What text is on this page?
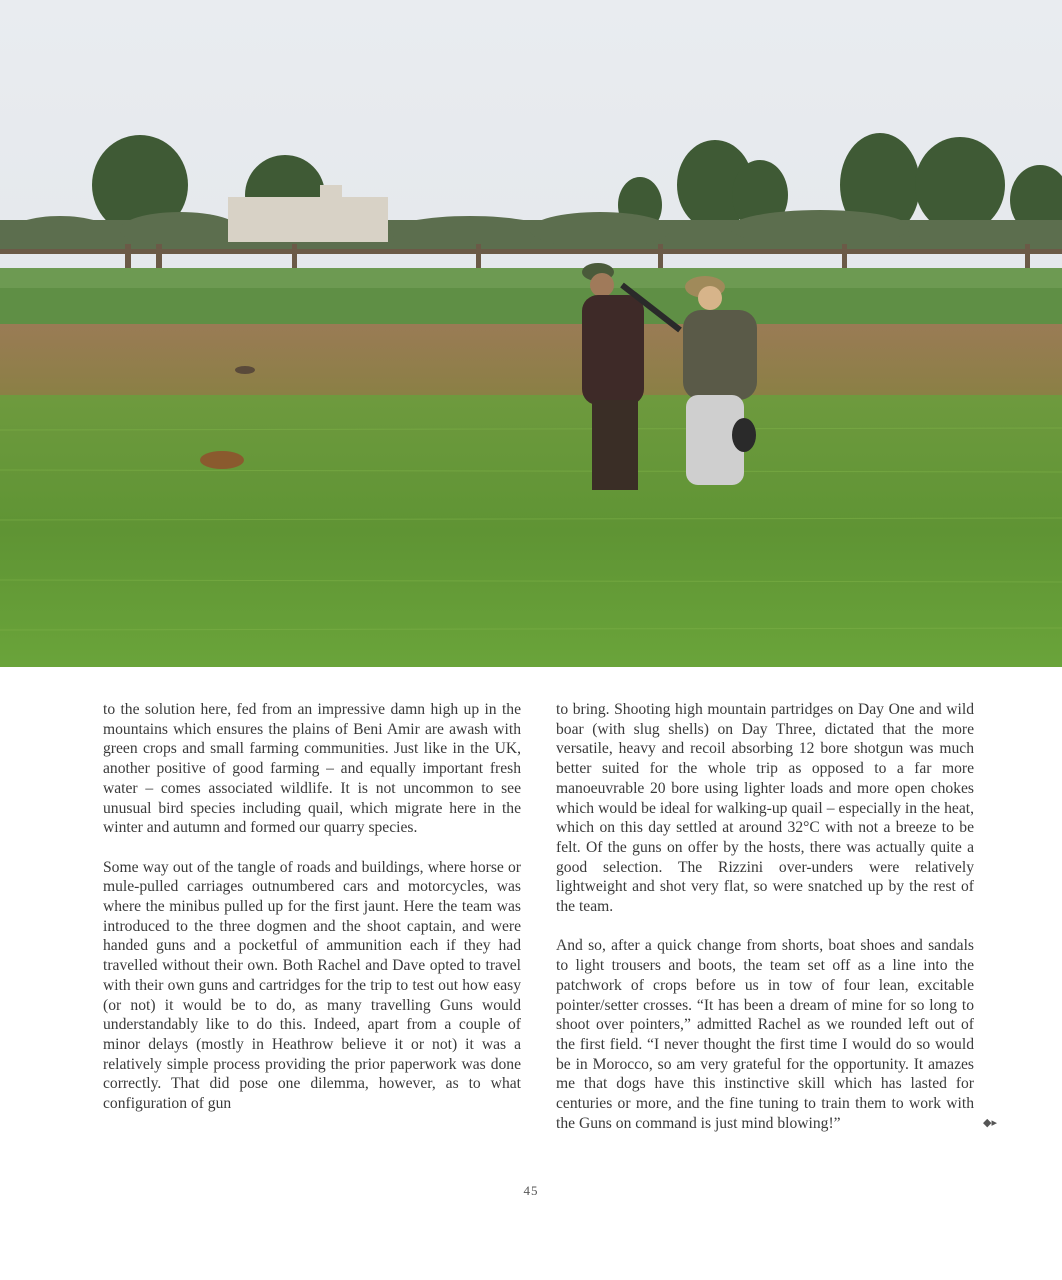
to the solution here, fed from an impressive damn high up in the mountains which ensures the plains of Beni Amir are awash with green crops and small farming communities. Just like in the UK, another positive of good farming – and equally important fresh water – comes associated wildlife. It is not uncommon to see unusual bird species including quail, which migrate here in the winter and autumn and formed our quarry species.

Some way out of the tangle of roads and buildings, where horse or mule-pulled carriages outnumbered cars and motorcycles, was where the minibus pulled up for the first jaunt. Here the team was introduced to the three dogmen and the shoot captain, and were handed guns and a pocketful of ammunition each if they had travelled without their own. Both Rachel and Dave opted to travel with their own guns and cartridges for the trip to test out how easy (or not) it would be to do, as many travelling Guns would understandably like to do this. Indeed, apart from a couple of minor delays (mostly in Heathrow believe it or not) it was a relatively simple process providing the prior paperwork was done correctly. That did pose one dilemma, however, as to what configuration of gun

to bring. Shooting high mountain partridges on Day One and wild boar (with slug shells) on Day Three, dictated that the more versatile, heavy and recoil absorbing 12 bore shotgun was much better suited for the whole trip as opposed to a far more manoeuvrable 20 bore using lighter loads and more open chokes which would be ideal for walking-up quail – especially in the heat, which on this day settled at around 32°C with not a breeze to be felt. Of the guns on offer by the hosts, there was actually quite a good selection. The Rizzini over-unders were relatively lightweight and shot very flat, so were snatched up by the rest of the team.

And so, after a quick change from shorts, boat shoes and sandals to light trousers and boots, the team set off as a line into the patchwork of crops before us in tow of four lean, excitable pointer/setter crosses. “It has been a dream of mine for so long to shoot over pointers,” admitted Rachel as we rounded left out of the first field. “I never thought the first time I would do so would be in Morocco, so am very grateful for the opportunity. It amazes me that dogs have this instinctive skill which has lasted for centuries or more, and the fine tuning to train them to work with the Guns on command is just mind blowing!”	◆▸
45
